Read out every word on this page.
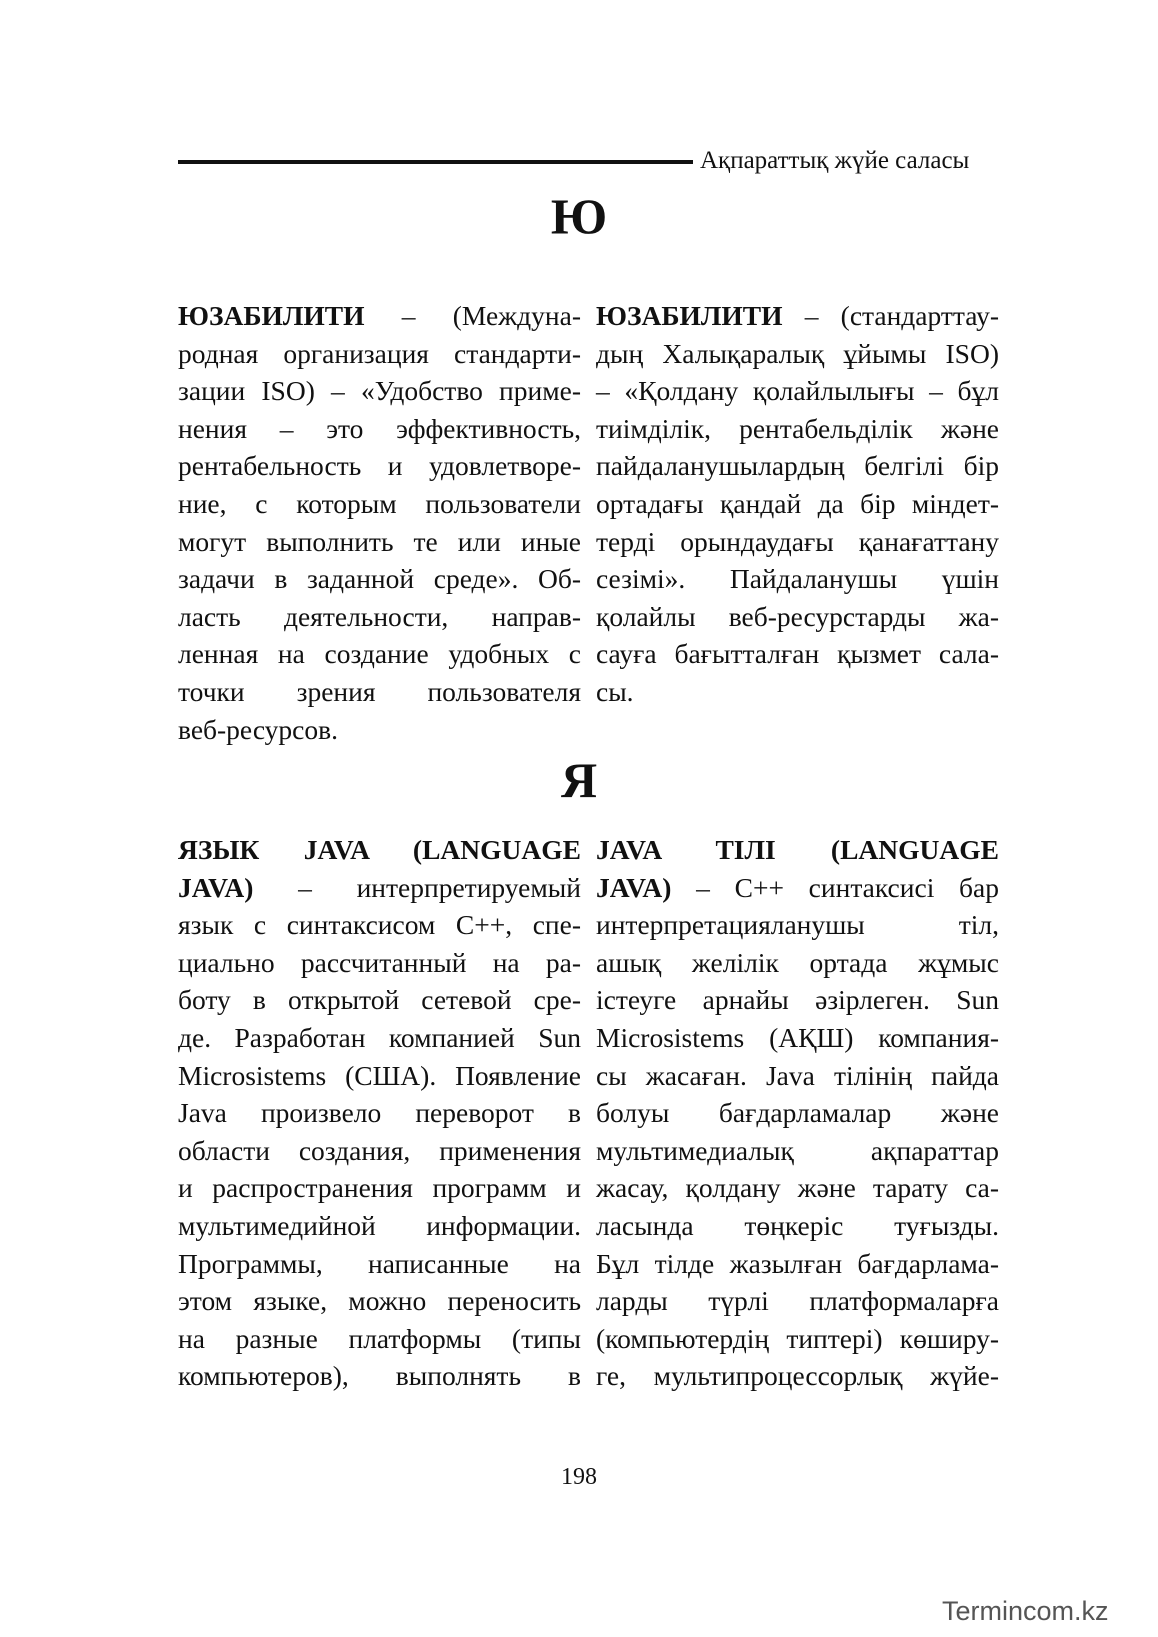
Ақпараттық жүйе саласы
Ю
ЮЗАБИЛИТИ – (Междуна-
родная организация стандарти-
зации ISO) – «Удобство приме-
нения – это эффективность,
рентабельность и удовлетворе-
ние, с которым пользователи
могут выполнить те или иные
задачи в заданной среде». Об-
ласть деятельности, направ-
ленная на создание удобных с
точки зрения пользователя
веб-ресурсов.
ЮЗАБИЛИТИ – (стандарттау-
дың Халықаралық ұйымы ISO)
– «Қолдану қолайлылығы – бұл
тиімділік, рентабельділік және
пайдаланушылардың белгілі бір
ортадағы қандай да бір міндет-
терді орындаудағы қанағаттану
сезімі». Пайдаланушы үшін
қолайлы веб-ресурстарды жа-
сауға бағытталған қызмет сала-
сы.
Я
ЯЗЫК JAVA (LANGUAGE
JAVA) – интерпретируемый
язык с синтаксисом C++, спе-
циально рассчитанный на ра-
боту в открытой сетевой сре-
де. Разработан компанией Sun
Microsistems (США). Появление
Java произвело переворот в
области создания, применения
и распространения программ и
мультимедийной информации.
Программы, написанные на
этом языке, можно переносить
на разные платформы (типы
компьютеров), выполнять в
JAVA TIЛI (LANGUAGE
JAVA) – C++ синтаксисі бар
интерпретацияланушы тіл,
ашық желілік ортада жұмыс
істеуге арнайы әзірлеген. Sun
Microsistems (АҚШ) компания-
сы жасаған. Java тілінің пайда
болуы бағдарламалар және
мультимедиалық ақпараттар
жасау, қолдану және тарату са-
ласында төңкеріс туғызды.
Бұл тілде жазылған бағдарлама-
ларды түрлі платформаларға
(компьютердің типтері) көширу-
ге, мультипроцессорлық жүйе-
198
Termincom.kz
